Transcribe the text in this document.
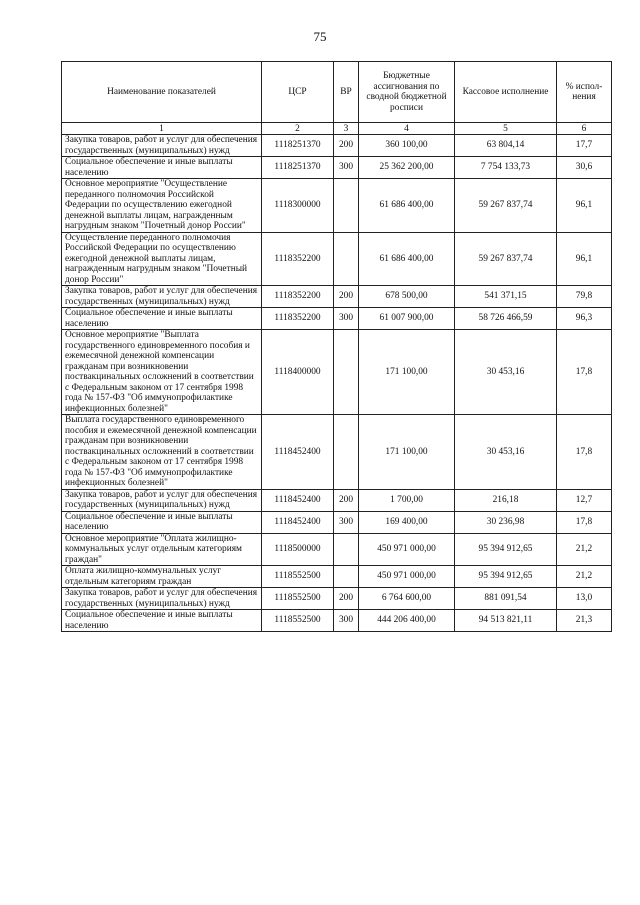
75
Наименование показателей	ЦСР	ВР	Бюджетные ассигнования по сводной бюджетной росписи	Кассовое исполнение	% испол-нения
1	2	3	4	5	6
Закупка товаров, работ и услуг для обеспечения государственных (муниципальных) нужд	1118251370	200	360 100,00	63 804,14	17,7
Социальное обеспечение и иные выплаты населению	1118251370	300	25 362 200,00	7 754 133,73	30,6
Основное мероприятие "Осуществление переданного полномочия Российской Федерации по осуществлению ежегодной денежной выплаты лицам, награжденным нагрудным знаком "Почетный донор России"	1118300000		61 686 400,00	59 267 837,74	96,1
Осуществление переданного полномочия Российской Федерации по осуществлению ежегодной денежной выплаты лицам, награжденным нагрудным знаком "Почетный донор России"	1118352200		61 686 400,00	59 267 837,74	96,1
Закупка товаров, работ и услуг для обеспечения государственных (муниципальных) нужд	1118352200	200	678 500,00	541 371,15	79,8
Социальное обеспечение и иные выплаты населению	1118352200	300	61 007 900,00	58 726 466,59	96,3
Основное мероприятие "Выплата государственного единовременного пособия и ежемесячной денежной компенсации гражданам при возникновении поствакцинальных осложнений в соответствии с Федеральным законом от 17 сентября 1998 года № 157-ФЗ "Об иммунопрофилактике инфекционных болезней"	1118400000		171 100,00	30 453,16	17,8
Выплата государственного единовременного пособия и ежемесячной денежной компенсации гражданам при возникновении поствакцинальных осложнений в соответствии с Федеральным законом от 17 сентября 1998 года № 157-ФЗ "Об иммунопрофилактике инфекционных болезней"	1118452400		171 100,00	30 453,16	17,8
Закупка товаров, работ и услуг для обеспечения государственных (муниципальных) нужд	1118452400	200	1 700,00	216,18	12,7
Социальное обеспечение и иные выплаты населению	1118452400	300	169 400,00	30 236,98	17,8
Основное мероприятие "Оплата жилищно-коммунальных услуг отдельным категориям граждан"	1118500000		450 971 000,00	95 394 912,65	21,2
Оплата жилищно-коммунальных услуг отдельным категориям граждан	1118552500		450 971 000,00	95 394 912,65	21,2
Закупка товаров, работ и услуг для обеспечения государственных (муниципальных) нужд	1118552500	200	6 764 600,00	881 091,54	13,0
Социальное обеспечение и иные выплаты населению	1118552500	300	444 206 400,00	94 513 821,11	21,3
